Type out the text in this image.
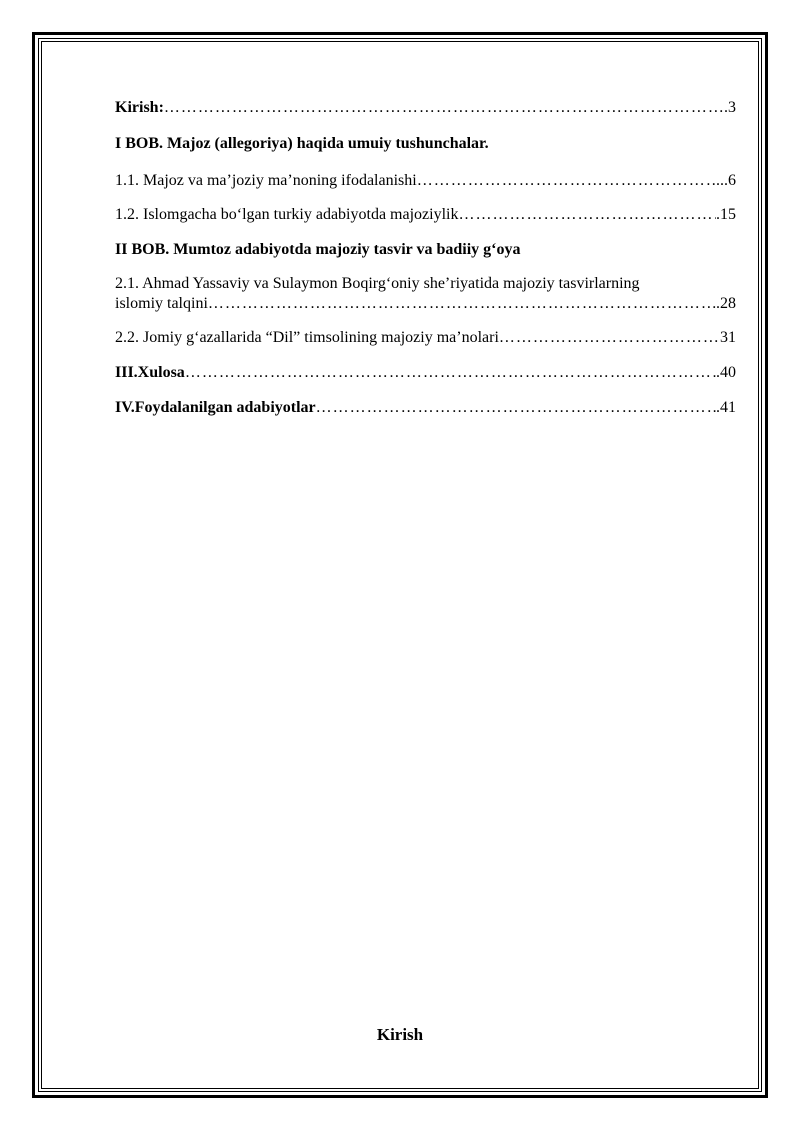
Kirish: ……………………………………………………………………………………………………………………………………………………………………	.3
I BOB. Majoz (allegoriya) haqida umuiy tushunchalar.
1.1. Majoz va ma’joziy ma’noning ifodalanishi ……………………………………………………………………………………………………………………………………………………………………	...6
1.2. Islomgacha bo‘lgan turkiy adabiyotda majoziylik ……………………………………………………………………………………………………………………………………………………………………	.15
II BOB. Mumtoz adabiyotda majoziy tasvir va badiiy g‘oya
2.1. Ahmad Yassaviy va Sulaymon Boqirg‘oniy she’riyatida majoziy tasvirlarning
islomiy talqini ……………………………………………………………………………………………………………………………………………………………………	.28
2.2. Jomiy g‘azallarida “Dil” timsolining majoziy ma’nolari ……………………………………………………………………………………………………………………………………………………………………	31
III.Xulosa ……………………………………………………………………………………………………………………………………………………………………	.40
IV.Foydalanilgan adabiyotlar ……………………………………………………………………………………………………………………………………………………………………	.41
Kirish
